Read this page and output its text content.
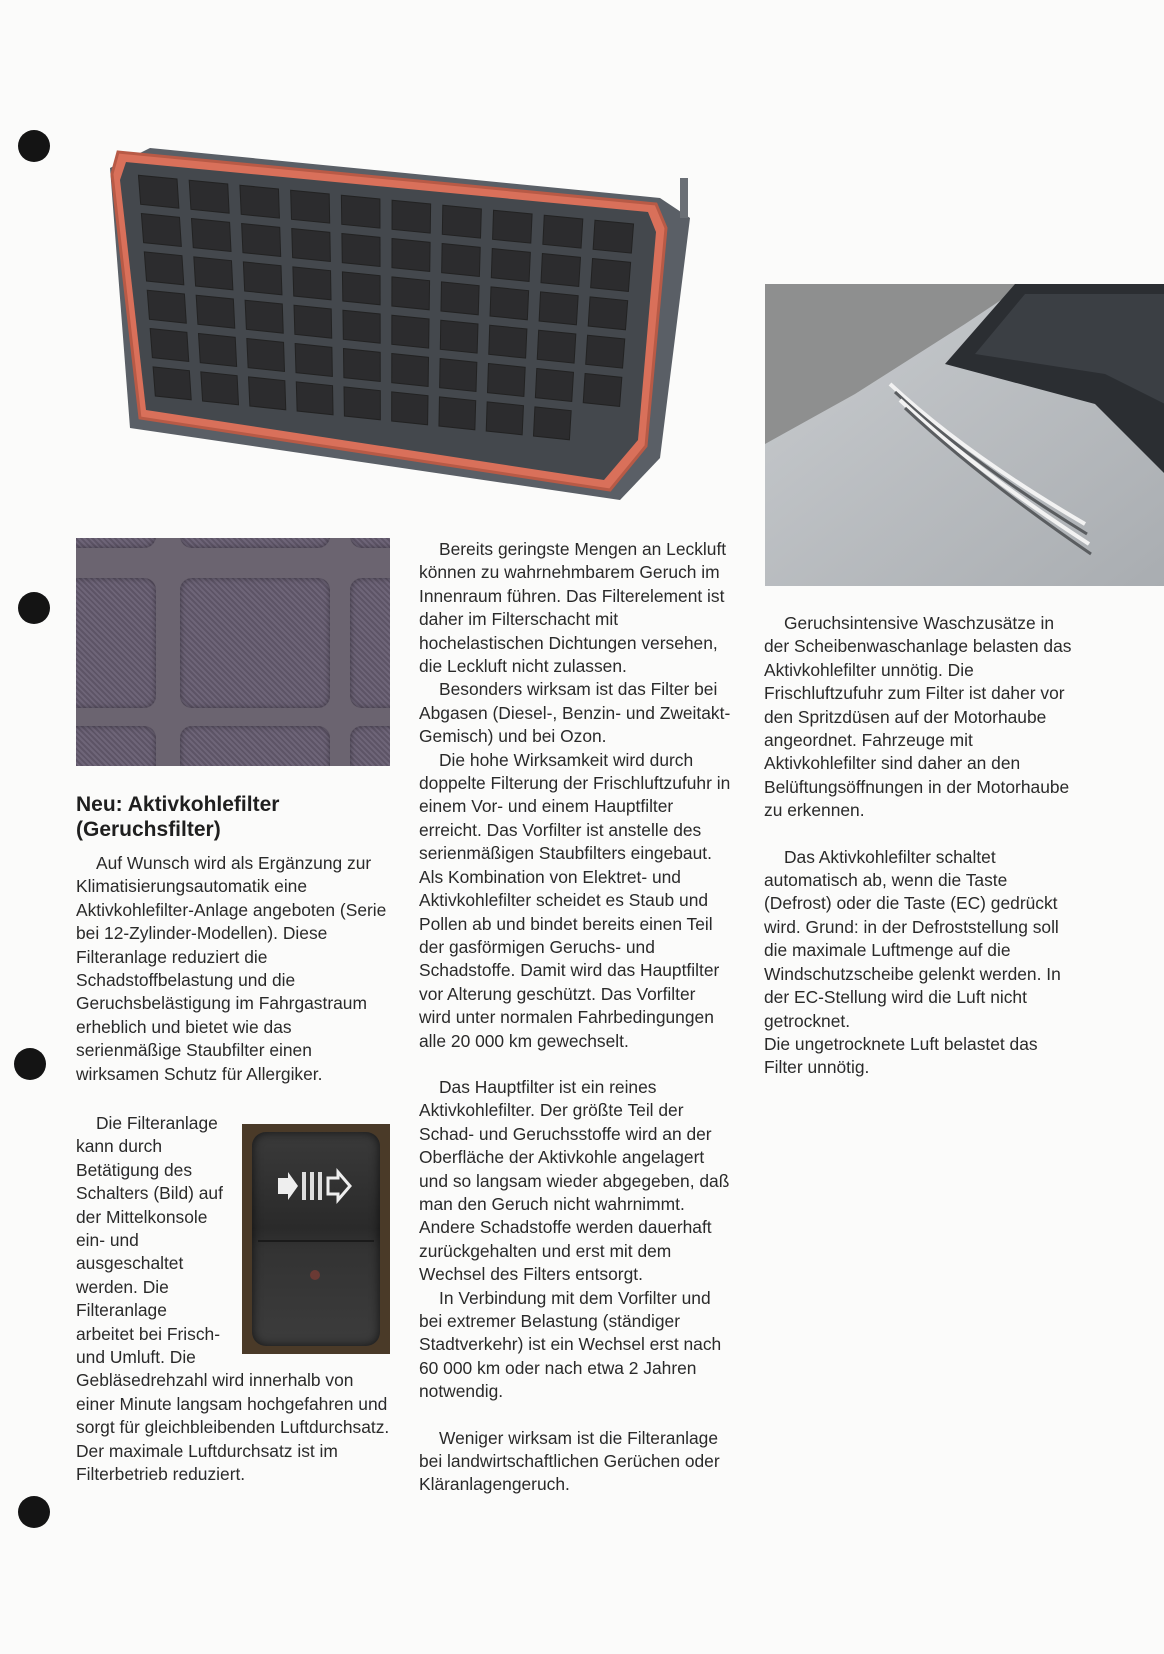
Neu: Aktivkohlefilter
(Geruchsfilter)

Auf Wunsch wird als Ergänzung zur Klimatisierungsautomatik eine Aktivkohlefilter-Anlage angeboten (Serie bei 12-Zylinder-Modellen). Diese Filteranlage reduziert die Schadstoffbelastung und die Geruchsbelästigung im Fahrgastraum erheblich und bietet wie das serienmäßige Staubfilter einen wirksamen Schutz für Allergiker.

Die Filteranlage kann durch Betätigung des Schalters (Bild) auf der Mittelkonsole ein- und ausgeschaltet werden. Die Filteranlage arbeitet bei Frisch- und Umluft. Die Gebläsedrehzahl wird innerhalb von einer Minute langsam hochgefahren und sorgt für gleichbleibenden Luftdurchsatz. Der maximale Luftdurchsatz ist im Filterbetrieb reduziert.

Bereits geringste Mengen an Leckluft können zu wahrnehmbarem Geruch im Innenraum führen. Das Filterelement ist daher im Filterschacht mit hochelastischen Dichtungen versehen, die Leckluft nicht zulassen.

Besonders wirksam ist das Filter bei Abgasen (Diesel-, Benzin- und Zweitakt-Gemisch) und bei Ozon.

Die hohe Wirksamkeit wird durch doppelte Filterung der Frischluftzufuhr in einem Vor- und einem Hauptfilter erreicht. Das Vorfilter ist anstelle des serienmäßigen Staubfilters eingebaut. Als Kombination von Elektret- und Aktivkohlefilter scheidet es Staub und Pollen ab und bindet bereits einen Teil der gasförmigen Geruchs- und Schadstoffe. Damit wird das Hauptfilter vor Alterung geschützt. Das Vorfilter wird unter normalen Fahrbedingungen alle 20 000 km gewechselt.

Das Hauptfilter ist ein reines Aktivkohlefilter. Der größte Teil der Schad- und Geruchsstoffe wird an der Oberfläche der Aktivkohle angelagert und so langsam wieder abgegeben, daß man den Geruch nicht wahrnimmt. Andere Schadstoffe werden dauerhaft zurückgehalten und erst mit dem Wechsel des Filters entsorgt.

In Verbindung mit dem Vorfilter und bei extremer Belastung (ständiger Stadtverkehr) ist ein Wechsel erst nach 60 000 km oder nach etwa 2 Jahren notwendig.

Weniger wirksam ist die Filteranlage bei landwirtschaftlichen Gerüchen oder Kläranlagengeruch.

Geruchsintensive Waschzusätze in der Scheibenwaschanlage belasten das Aktivkohlefilter unnötig. Die Frischluftzufuhr zum Filter ist daher vor den Spritzdüsen auf der Motorhaube angeordnet. Fahrzeuge mit Aktivkohlefilter sind daher an den Belüftungsöffnungen in der Motorhaube zu erkennen.

Das Aktivkohlefilter schaltet automatisch ab, wenn die Taste (Defrost) oder die Taste (EC) gedrückt wird. Grund: in der Defroststellung soll die maximale Luftmenge auf die Windschutzscheibe gelenkt werden. In der EC-Stellung wird die Luft nicht getrocknet.

Die ungetrocknete Luft belastet das Filter unnötig.
